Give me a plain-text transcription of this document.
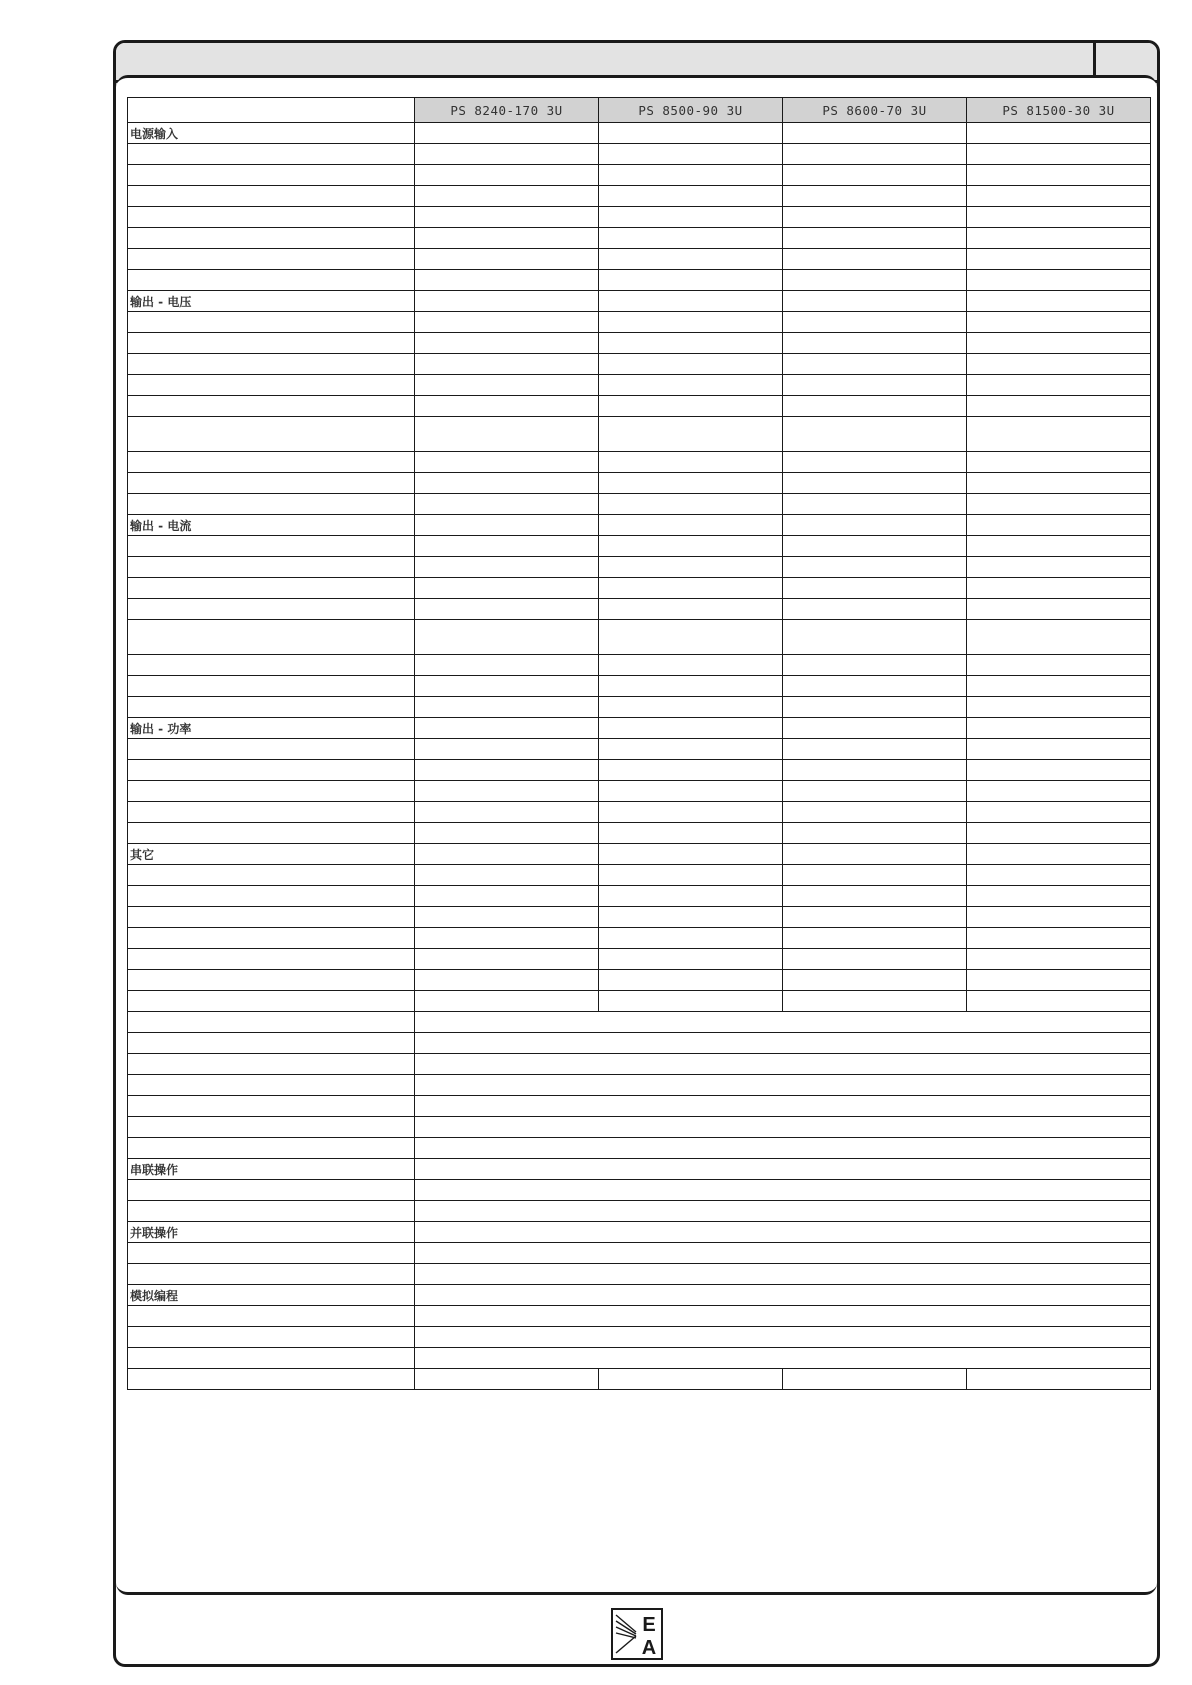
	PS 8240-170 3U	PS 8500-90 3U	PS 8600-70 3U	PS 81500-30 3U
电源输入				

输出 - 电压				

输出 - 电流				

输出 - 功率				

其它				

串联操作				

并联操作				

模拟编程				

E
A
